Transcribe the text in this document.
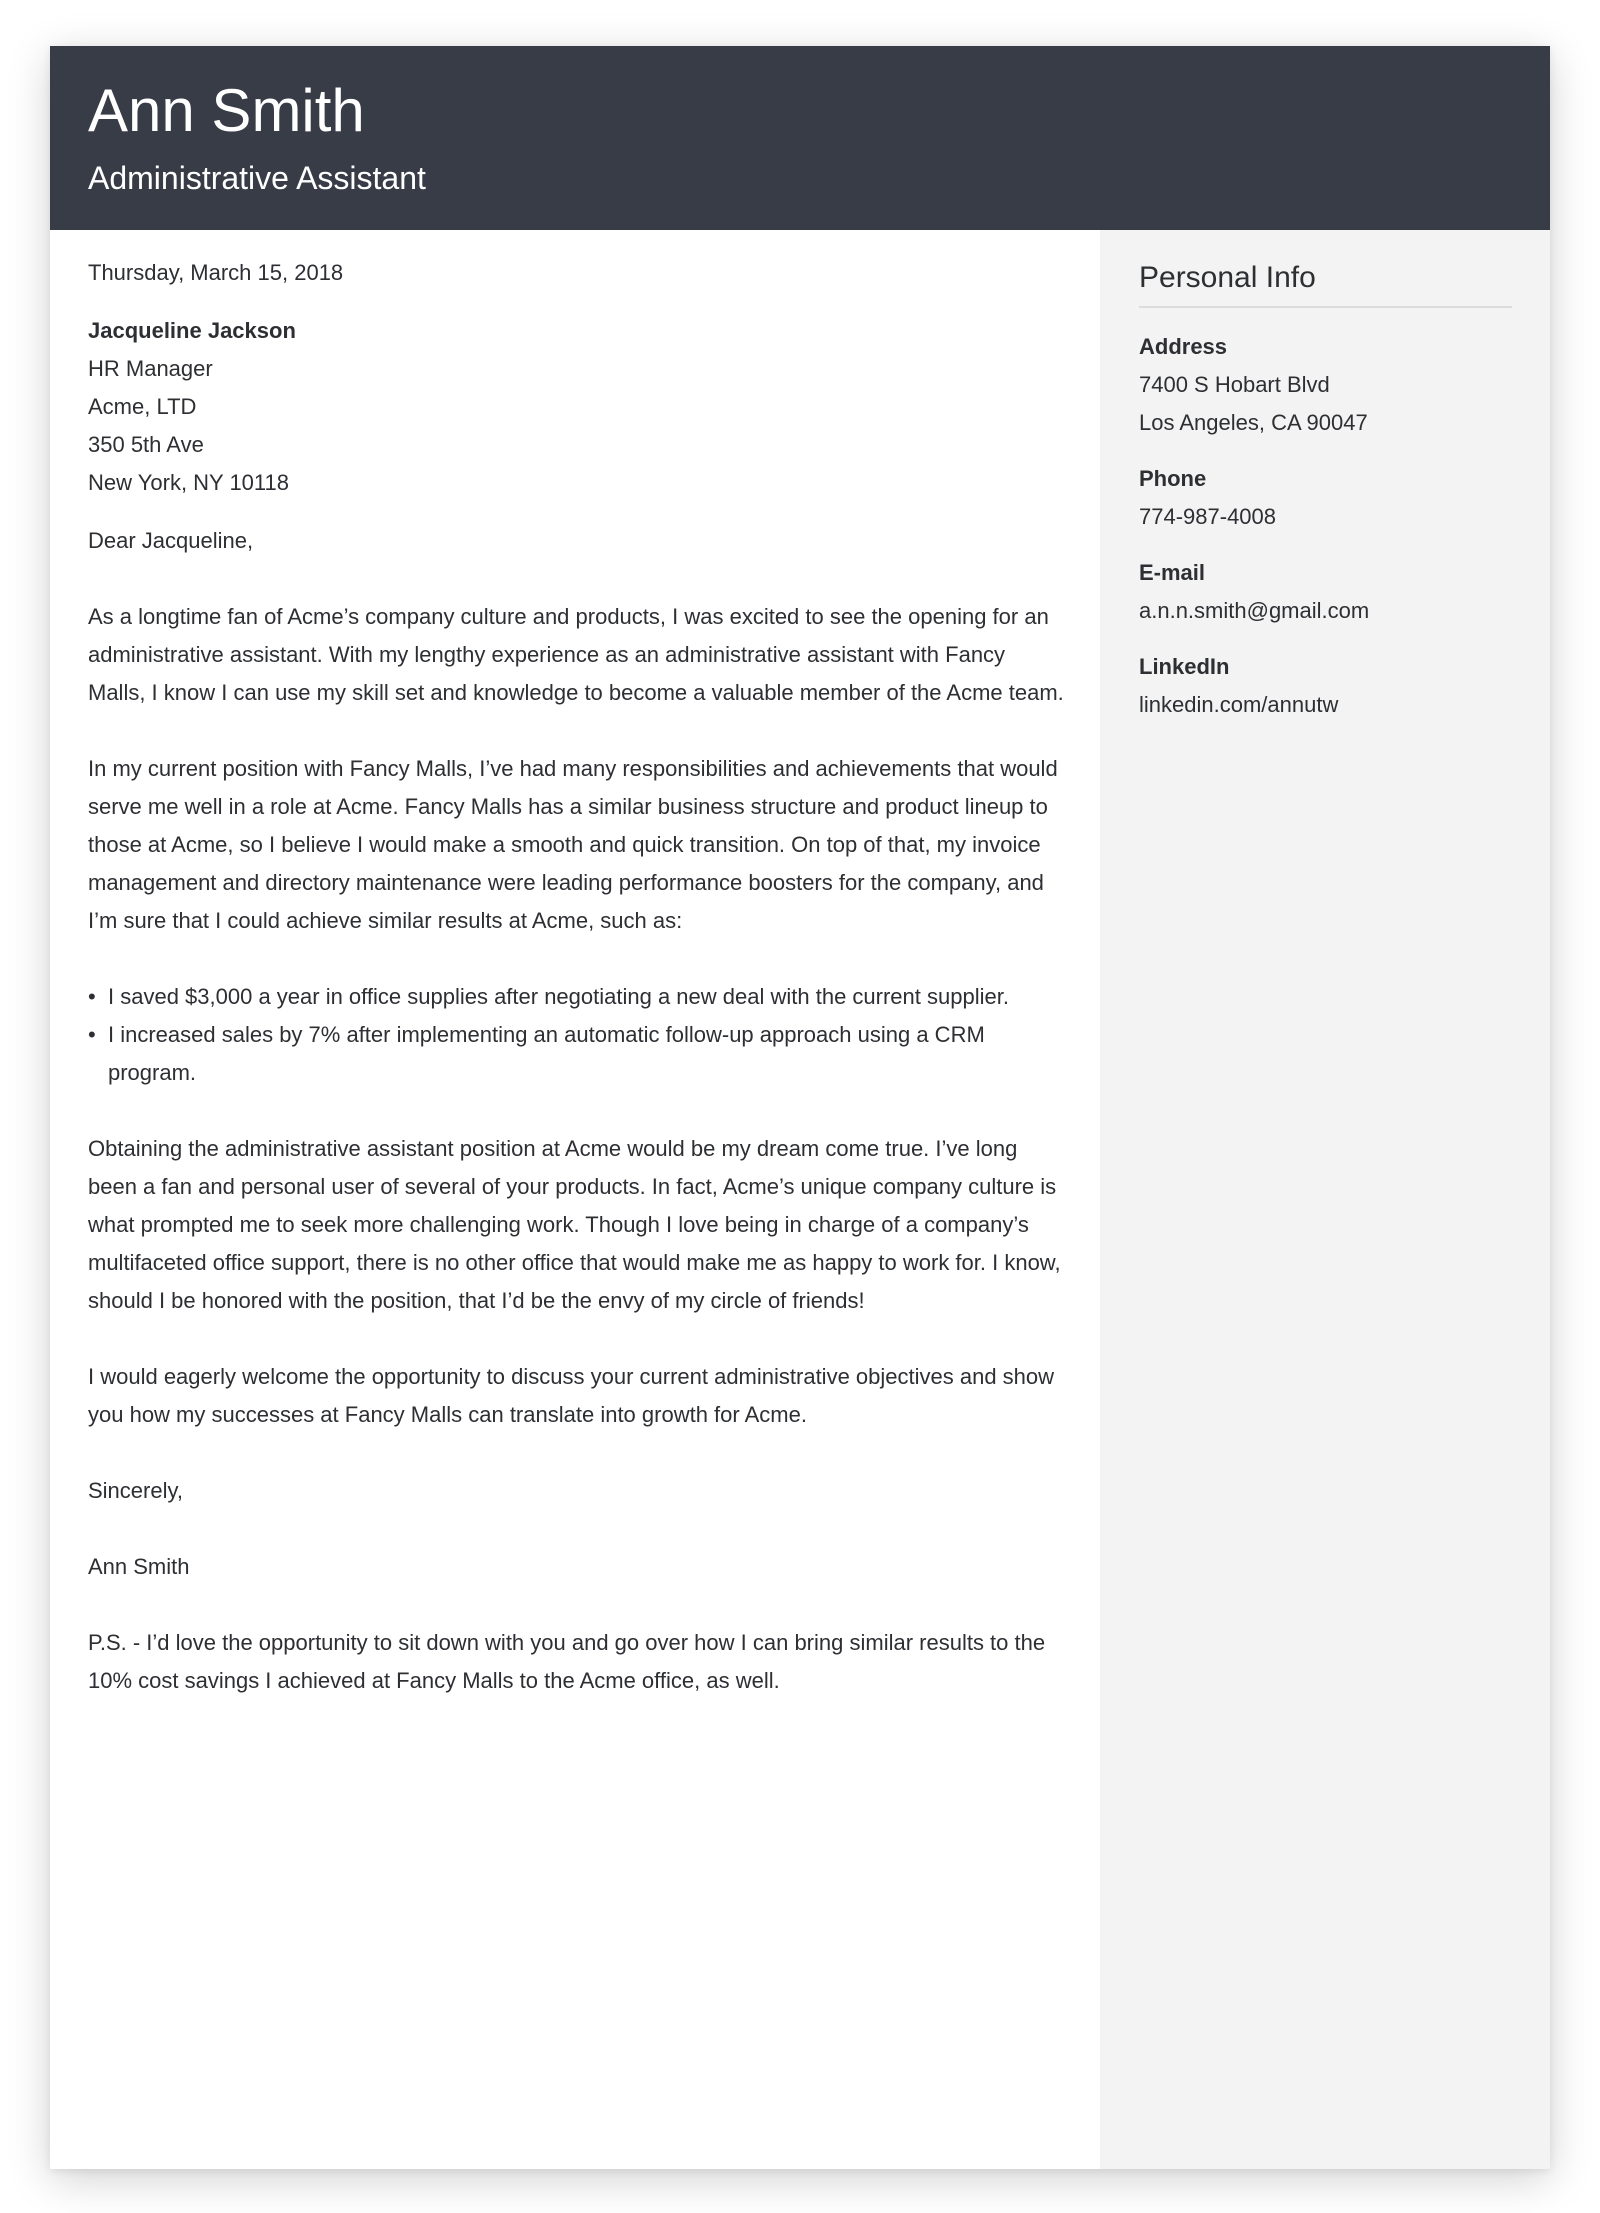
Ann Smith
Administrative Assistant

Thursday, March 15, 2018

Jacqueline Jackson
HR Manager
Acme, LTD
350 5th Ave
New York, NY 10118

Dear Jacqueline,

As a longtime fan of Acme’s company culture and products, I was excited to see the opening for an administrative assistant. With my lengthy experience as an administrative assistant with Fancy Malls, I know I can use my skill set and knowledge to become a valuable member of the Acme team.

In my current position with Fancy Malls, I’ve had many responsibilities and achievements that would serve me well in a role at Acme. Fancy Malls has a similar business structure and product lineup to those at Acme, so I believe I would make a smooth and quick transition. On top of that, my invoice management and directory maintenance were leading performance boosters for the company, and I’m sure that I could achieve similar results at Acme, such as:

• I saved $3,000 a year in office supplies after negotiating a new deal with the current supplier.
• I increased sales by 7% after implementing an automatic follow-up approach using a CRM program.

Obtaining the administrative assistant position at Acme would be my dream come true. I’ve long been a fan and personal user of several of your products. In fact, Acme’s unique company culture is what prompted me to seek more challenging work. Though I love being in charge of a company’s multifaceted office support, there is no other office that would make me as happy to work for. I know, should I be honored with the position, that I’d be the envy of my circle of friends!

I would eagerly welcome the opportunity to discuss your current administrative objectives and show you how my successes at Fancy Malls can translate into growth for Acme.

Sincerely,

Ann Smith

P.S. - I’d love the opportunity to sit down with you and go over how I can bring similar results to the 10% cost savings I achieved at Fancy Malls to the Acme office, as well.

Personal Info
Address
7400 S Hobart Blvd
Los Angeles, CA 90047
Phone
774-987-4008
E-mail
a.n.n.smith@gmail.com
LinkedIn
linkedin.com/annutw
